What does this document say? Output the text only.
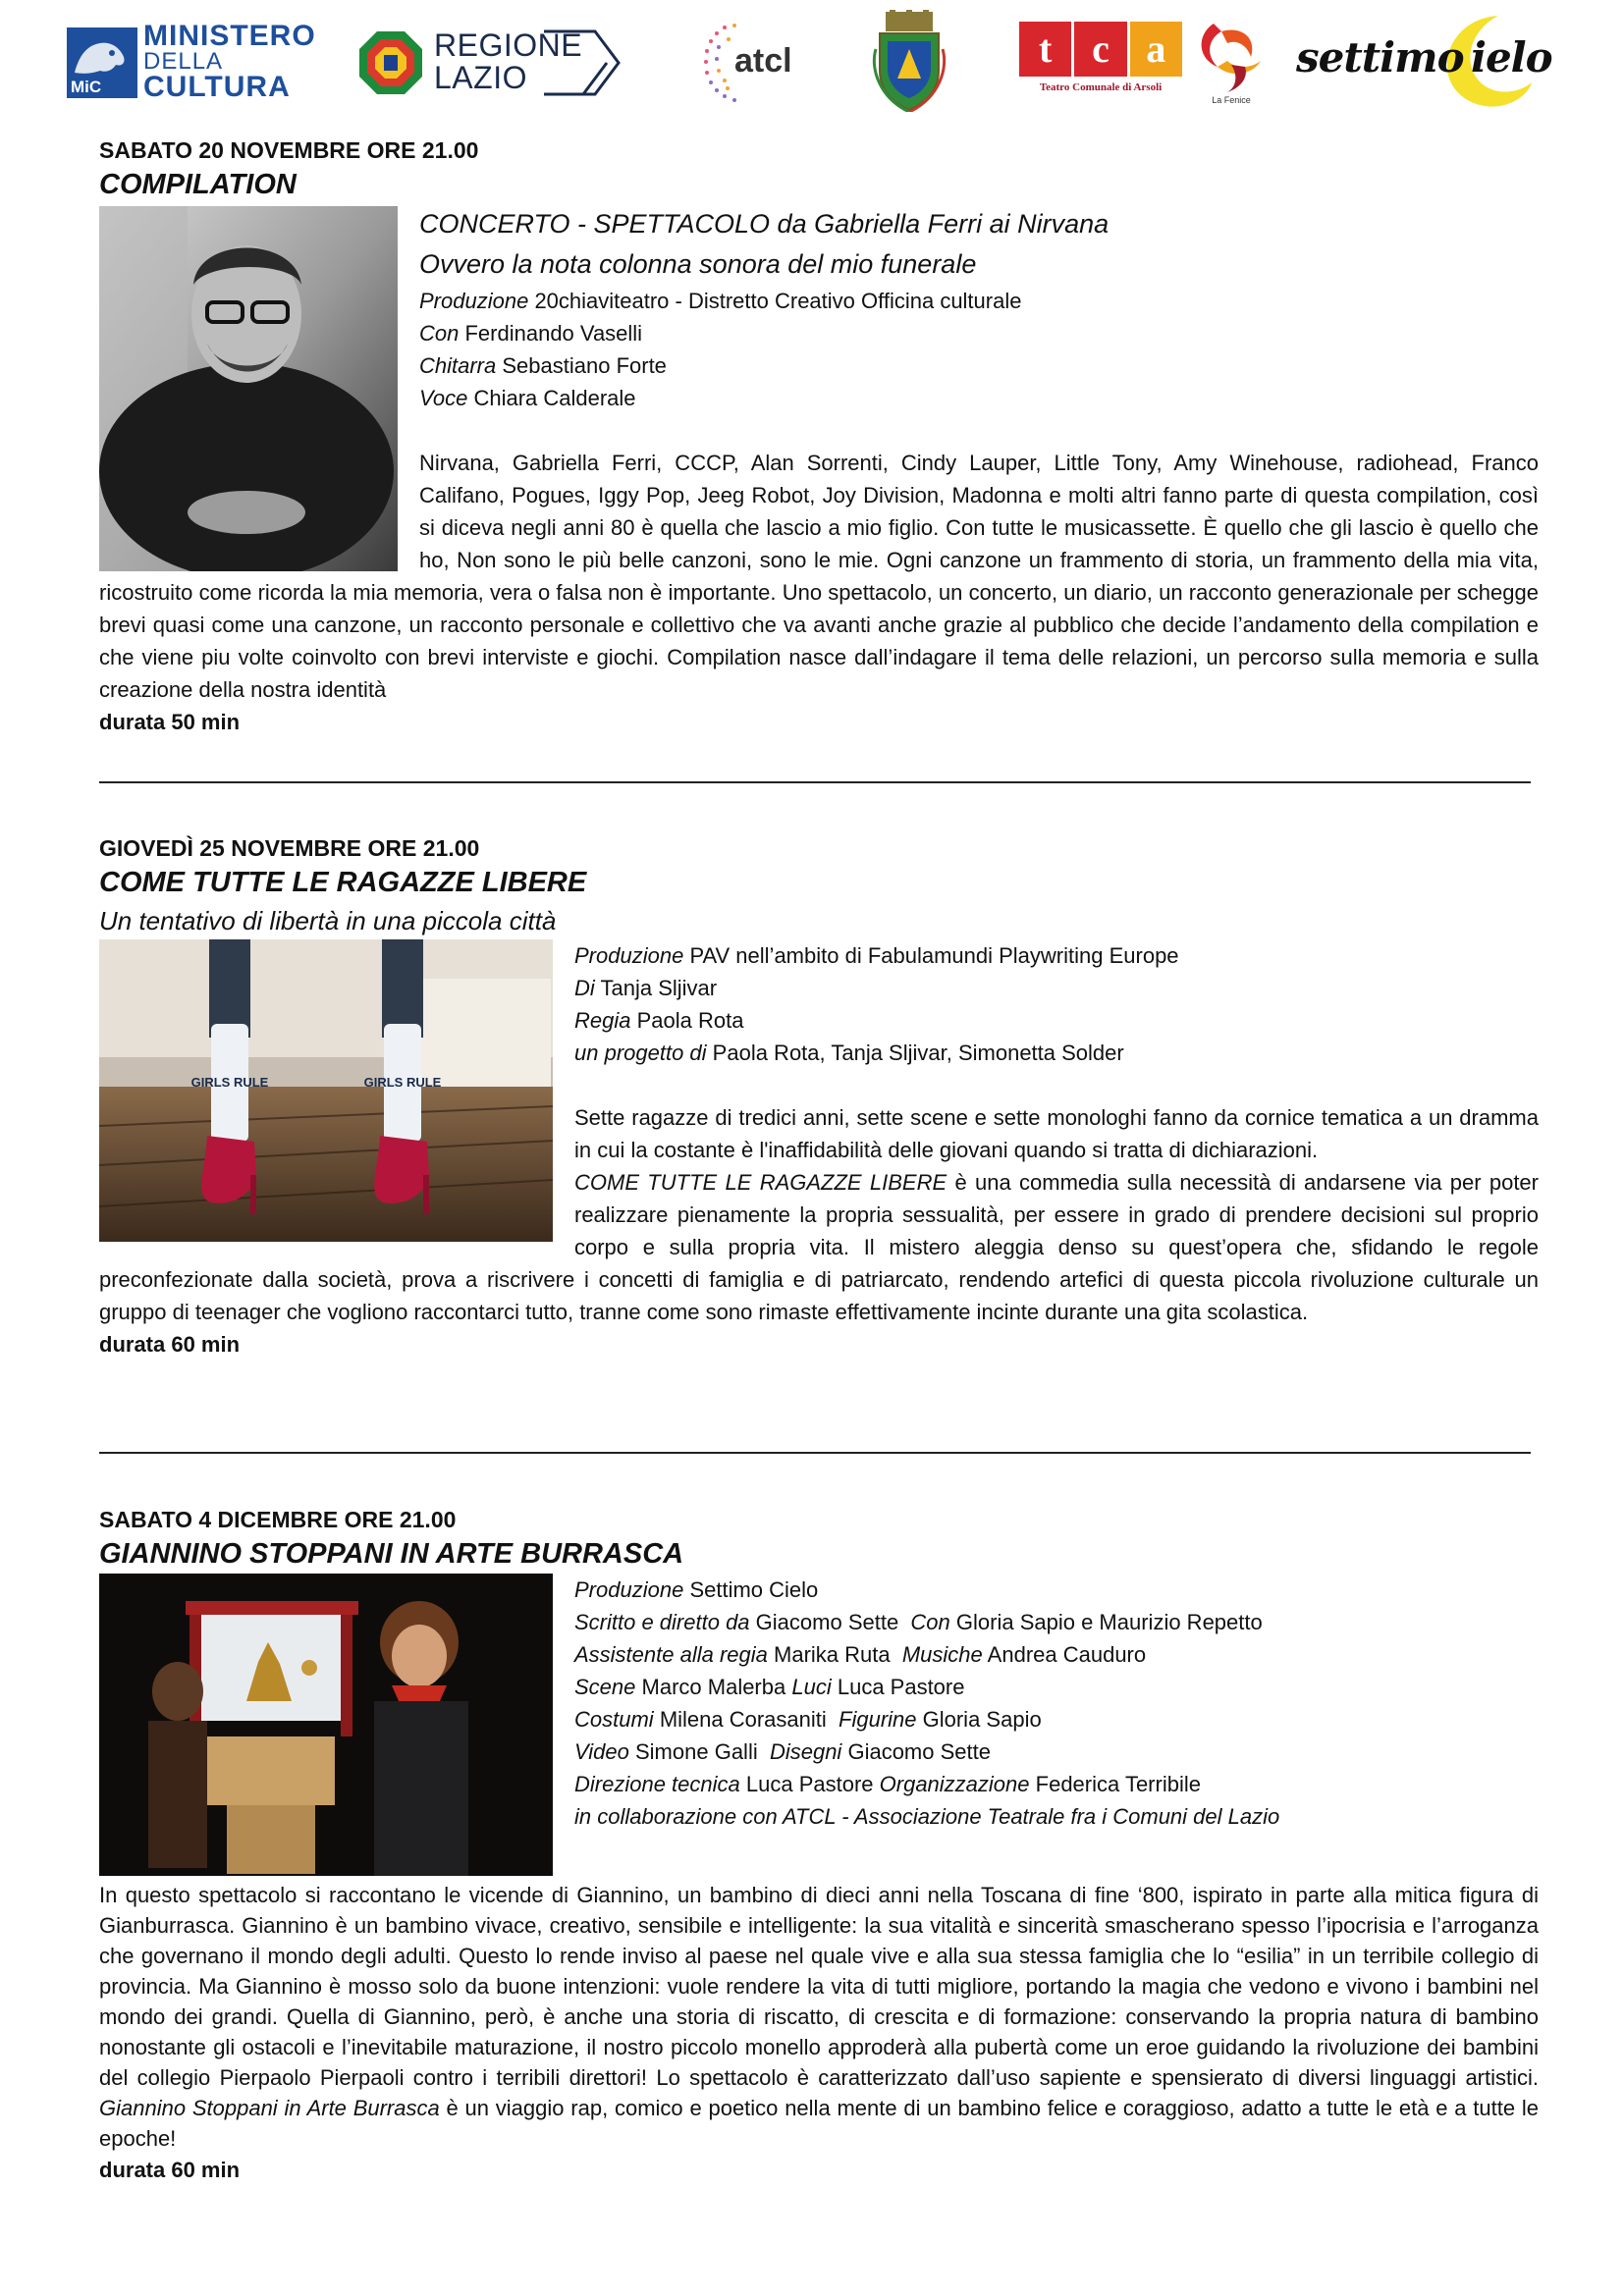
MiC
MINISTERO
DELLA
CULTURA
REGIONE
LAZIO	atcl	t	c a
Teatro Comunale di Arsoli
La Fenice
settimo ielo

SABATO 20 NOVEMBRE ORE 21.00

COMPILATION

CONCERTO - SPETTACOLO da Gabriella Ferri ai Nirvana

Ovvero la nota colonna sonora del mio funerale

Produzione 20chiaviteatro - Distretto Creativo Officina culturale

Con Ferdinando Vaselli

Chitarra Sebastiano Forte

Voce Chiara Calderale

Nirvana, Gabriella Ferri, CCCP, Alan Sorrenti, Cindy Lauper, Little Tony, Amy Winehouse, radiohead, Franco Califano, Pogues, Iggy Pop, Jeeg Robot, Joy Division, Madonna e molti altri fanno parte di questa compilation, così si diceva negli anni 80 è quella che lascio a mio figlio. Con tutte le musicassette. È quello che gli lascio è quello che ho, Non sono le più belle canzoni, sono le mie. Ogni canzone un frammento di storia, un frammento della mia vita, ricostruito come ricorda la mia memoria, vera o falsa non è importante. Uno spettacolo, un concerto, un diario, un racconto generazionale per schegge brevi quasi come una canzone, un racconto personale e collettivo che va avanti anche grazie al pubblico che decide l’andamento della compilation e che viene piu volte coinvolto con brevi interviste e giochi. Compilation nasce dall’indagare il tema delle relazioni, un percorso sulla memoria e sulla creazione della nostra identità

durata 50 min

GIOVEDÌ 25 NOVEMBRE ORE 21.00

COME TUTTE LE RAGAZZE LIBERE

Un tentativo di libertà in una piccola città

GIRLS RULE	GIRLS RULE

Produzione PAV nell’ambito di Fabulamundi Playwriting Europe

Di Tanja Sljivar

Regia Paola Rota

un progetto di Paola Rota, Tanja Sljivar, Simonetta Solder

Sette ragazze di tredici anni, sette scene e sette monologhi fanno da cornice tematica a un dramma in cui la costante è l'inaffidabilità delle giovani quando si tratta di dichiarazioni.

COME TUTTE LE RAGAZZE LIBERE è una commedia sulla necessità di andarsene via per poter realizzare pienamente la propria sessualità, per essere in grado di prendere decisioni sul proprio corpo e sulla propria vita. Il mistero aleggia denso su quest’opera che, sfidando le regole preconfezionate dalla società, prova a riscrivere i concetti di famiglia e di patriarcato, rendendo artefici di questa piccola rivoluzione culturale un gruppo di teenager che vogliono raccontarci tutto, tranne come sono rimaste effettivamente incinte durante una gita scolastica.

durata 60 min

SABATO 4 DICEMBRE ORE 21.00

GIANNINO STOPPANI IN ARTE BURRASCA

Produzione Settimo Cielo

Scritto e diretto da Giacomo Sette Con Gloria Sapio e Maurizio Repetto

Assistente alla regia Marika Ruta Musiche Andrea Cauduro

Scene Marco Malerba Luci Luca Pastore

Costumi Milena Corasaniti Figurine Gloria Sapio

Video Simone Galli Disegni Giacomo Sette

Direzione tecnica Luca Pastore Organizzazione Federica Terribile

in collaborazione con ATCL - Associazione Teatrale fra i Comuni del Lazio

In questo spettacolo si raccontano le vicende di Giannino, un bambino di dieci anni nella Toscana di fine ‘800, ispirato in parte alla mitica figura di Gianburrasca. Giannino è un bambino vivace, creativo, sensibile e intelligente: la sua vitalità e sincerità smascherano spesso l’ipocrisia e l’arroganza che governano il mondo degli adulti. Questo lo rende inviso al paese nel quale vive e alla sua stessa famiglia che lo “esilia” in un terribile collegio di provincia. Ma Giannino è mosso solo da buone intenzioni: vuole rendere la vita di tutti migliore, portando la magia che vedono e vivono i bambini nel mondo dei grandi. Quella di Giannino, però, è anche una storia di riscatto, di crescita e di formazione: conservando la propria natura di bambino nonostante gli ostacoli e l’inevitabile maturazione, il nostro piccolo monello approderà alla pubertà come un eroe guidando la rivoluzione dei bambini del collegio Pierpaolo Pierpaoli contro i terribili direttori! Lo spettacolo è caratterizzato dall’uso sapiente e spensierato di diversi linguaggi artistici. Giannino Stoppani in Arte Burrasca è un viaggio rap, comico e poetico nella mente di un bambino felice e coraggioso, adatto a tutte le età e a tutte le epoche!

durata 60 min
